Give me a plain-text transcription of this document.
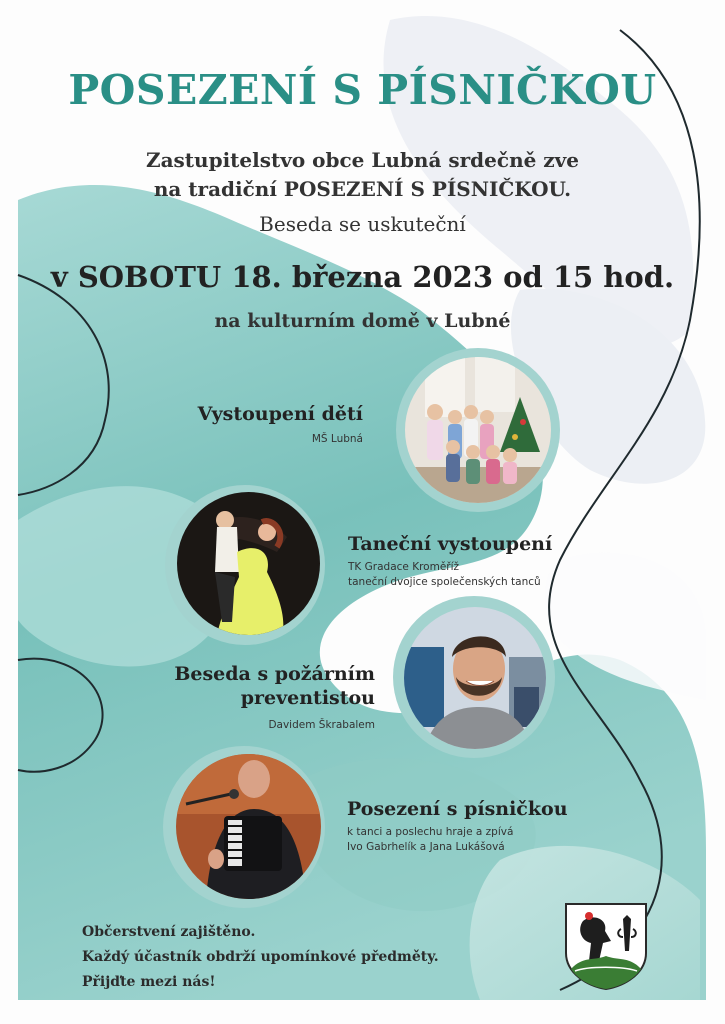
POSEZENÍ S PÍSNIČKOU

Zastupitelstvo obce Lubná srdečně zve
na tradiční POSEZENÍ S PÍSNIČKOU.

Beseda se uskuteční

v SOBOTU 18. března 2023 od 15 hod.

na kulturním domě v Lubné

Vystoupení dětí
MŠ Lubná
Taneční vystoupení
TK Gradace Kroměříž
taneční dvojice společenských tanců
Beseda s požárním
preventistou
Davidem Škrabalem
Posezení s písničkou
k tanci a poslechu hraje a zpívá
Ivo Gabrhelík a Jana Lukášová
Občerstvení zajištěno.
Každý účastník obdrží upomínkové předměty.
Přijďte mezi nás!
